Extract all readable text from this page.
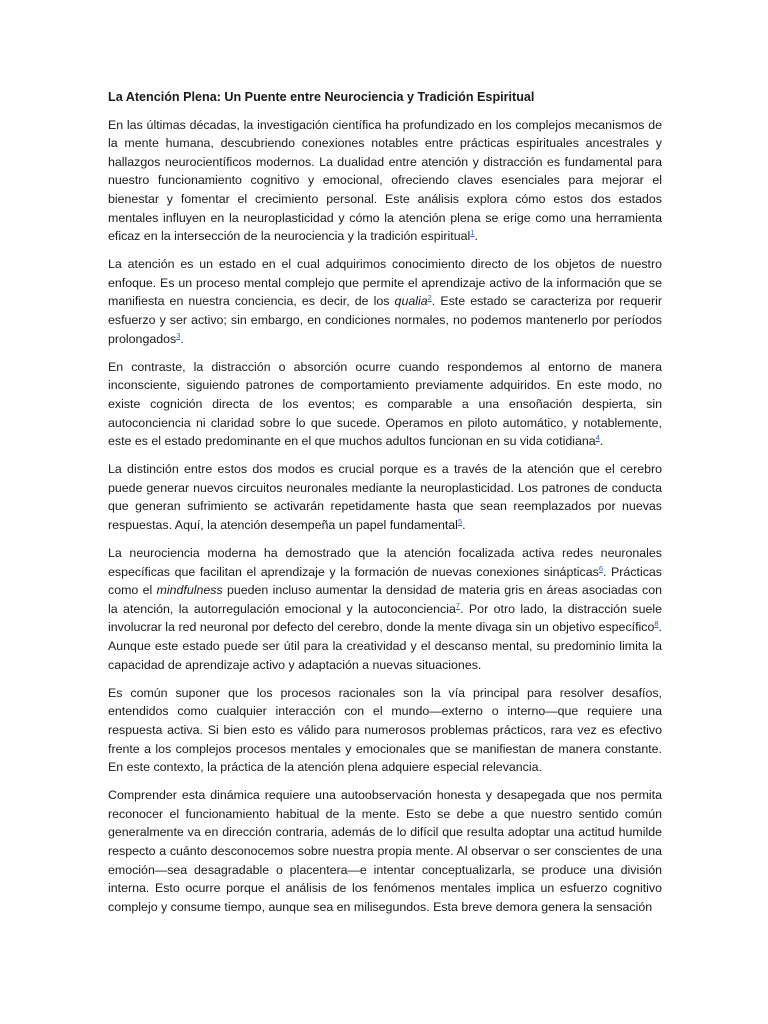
La Atención Plena: Un Puente entre Neurociencia y Tradición Espiritual

En las últimas décadas, la investigación científica ha profundizado en los complejos mecanismos de la mente humana, descubriendo conexiones notables entre prácticas espirituales ancestrales y hallazgos neurocientíficos modernos. La dualidad entre atención y distracción es fundamental para nuestro funcionamiento cognitivo y emocional, ofreciendo claves esenciales para mejorar el bienestar y fomentar el crecimiento personal. Este análisis explora cómo estos dos estados mentales influyen en la neuroplasticidad y cómo la atención plena se erige como una herramienta eficaz en la intersección de la neurociencia y la tradición espiritual$^1$.

La atención es un estado en el cual adquirimos conocimiento directo de los objetos de nuestro enfoque. Es un proceso mental complejo que permite el aprendizaje activo de la información que se manifiesta en nuestra conciencia, es decir, de los qualia$^2$. Este estado se caracteriza por requerir esfuerzo y ser activo; sin embargo, en condiciones normales, no podemos mantenerlo por períodos prolongados$^3$.

En contraste, la distracción o absorción ocurre cuando respondemos al entorno de manera inconsciente, siguiendo patrones de comportamiento previamente adquiridos. En este modo, no existe cognición directa de los eventos; es comparable a una ensoñación despierta, sin autoconciencia ni claridad sobre lo que sucede. Operamos en piloto automático, y notablemente, este es el estado predominante en el que muchos adultos funcionan en su vida cotidiana$^4$.

La distinción entre estos dos modos es crucial porque es a través de la atención que el cerebro puede generar nuevos circuitos neuronales mediante la neuroplasticidad. Los patrones de conducta que generan sufrimiento se activarán repetidamente hasta que sean reemplazados por nuevas respuestas. Aquí, la atención desempeña un papel fundamental$^5$.

La neurociencia moderna ha demostrado que la atención focalizada activa redes neuronales específicas que facilitan el aprendizaje y la formación de nuevas conexiones sinápticas$^6$. Prácticas como el mindfulness pueden incluso aumentar la densidad de materia gris en áreas asociadas con la atención, la autorregulación emocional y la autoconciencia$^7$. Por otro lado, la distracción suele involucrar la red neuronal por defecto del cerebro, donde la mente divaga sin un objetivo específico$^8$. Aunque este estado puede ser útil para la creatividad y el descanso mental, su predominio limita la capacidad de aprendizaje activo y adaptación a nuevas situaciones.

Es común suponer que los procesos racionales son la vía principal para resolver desafíos, entendidos como cualquier interacción con el mundo—externo o interno—que requiere una respuesta activa. Si bien esto es válido para numerosos problemas prácticos, rara vez es efectivo frente a los complejos procesos mentales y emocionales que se manifiestan de manera constante. En este contexto, la práctica de la atención plena adquiere especial relevancia.

Comprender esta dinámica requiere una autoobservación honesta y desapegada que nos permita reconocer el funcionamiento habitual de la mente. Esto se debe a que nuestro sentido común generalmente va en dirección contraria, además de lo difícil que resulta adoptar una actitud humilde respecto a cuánto desconocemos sobre nuestra propia mente. Al observar o ser conscientes de una emoción—sea desagradable o placentera—e intentar conceptualizarla, se produce una división interna. Esto ocurre porque el análisis de los fenómenos mentales implica un esfuerzo cognitivo complejo y consume tiempo, aunque sea en milisegundos. Esta breve demora genera la sensación
